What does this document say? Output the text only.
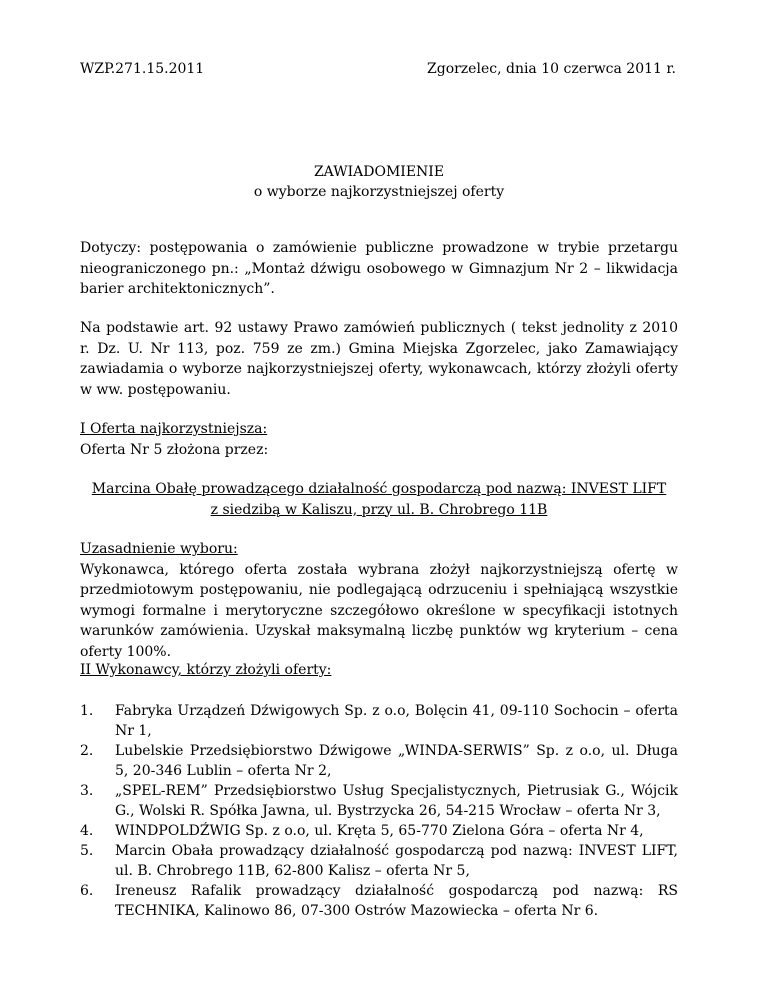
WZP.271.15.2011	Zgorzelec, dnia 10 czerwca 2011 r.
ZAWIADOMIENIE
o wyborze najkorzystniejszej oferty
Dotyczy: postępowania o zamówienie publiczne prowadzone w trybie przetargu nieograniczonego pn.: „Montaż dźwigu osobowego w Gimnazjum Nr 2 – likwidacja barier architektonicznych”.
Na podstawie art. 92 ustawy Prawo zamówień publicznych ( tekst jednolity z 2010 r. Dz. U. Nr 113, poz. 759 ze zm.) Gmina Miejska Zgorzelec, jako Zamawiający zawiadamia o wyborze najkorzystniejszej oferty, wykonawcach, którzy złożyli oferty w ww. postępowaniu.
I Oferta najkorzystniejsza:
Oferta Nr 5 złożona przez:
Marcina Obałę prowadzącego działalność gospodarczą pod nazwą: INVEST LIFT
z siedzibą w Kaliszu, przy ul. B. Chrobrego 11B
Uzasadnienie wyboru:
Wykonawca, którego oferta została wybrana złożył najkorzystniejszą ofertę w przedmiotowym postępowaniu, nie podlegającą odrzuceniu i spełniającą wszystkie wymogi formalne i merytoryczne szczegółowo określone w specyfikacji istotnych warunków zamówienia. Uzyskał maksymalną liczbę punktów wg kryterium – cena oferty 100%.
II Wykonawcy, którzy złożyli oferty:
1. Fabryka Urządzeń Dźwigowych Sp. z o.o, Bolęcin 41, 09-110 Sochocin – oferta Nr 1,
2. Lubelskie Przedsiębiorstwo Dźwigowe „WINDA-SERWIS” Sp. z o.o, ul. Długa 5, 20-346 Lublin – oferta Nr 2,
3. „SPEL-REM” Przedsiębiorstwo Usług Specjalistycznych, Pietrusiak G., Wójcik G., Wolski R. Spółka Jawna, ul. Bystrzycka 26, 54-215 Wrocław – oferta Nr 3,
4. WINDPOLDŹWIG Sp. z o.o, ul. Kręta 5, 65-770 Zielona Góra – oferta Nr 4,
5. Marcin Obała prowadzący działalność gospodarczą pod nazwą: INVEST LIFT, ul. B. Chrobrego 11B, 62-800 Kalisz – oferta Nr 5,
6. Ireneusz Rafalik prowadzący działalność gospodarczą pod nazwą: RS TECHNIKA, Kalinowo 86, 07-300 Ostrów Mazowiecka – oferta Nr 6.
